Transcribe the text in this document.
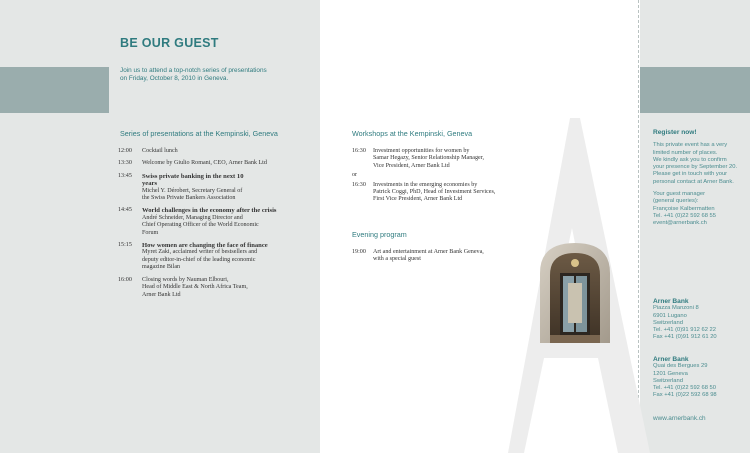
BE OUR GUEST
Join us to attend a top-notch series of presentations
on Friday, October 8, 2010 in Geneva.
Series of presentations at the Kempinski, Geneva
12:00	Cocktail lunch
13:30	Welcome by Giulio Romani, CEO, Arner Bank Ltd
13:45	Swiss private banking in the next 10 years
Michel Y. Dérobert, Secretary General of
the Swiss Private Bankers Association
14:45	World challenges in the economy after the crisis
André Schneider, Managing Director and
Chief Operating Officer of the World Economic
Forum
15:15	How women are changing the face of finance
Myret Zaki, acclaimed writer of bestsellers and
deputy editor-in-chief of the leading economic
magazine Bilan
16:00	Closing words by Nauman Elbouri,
Head of Middle East & North Africa Team,
Arner Bank Ltd
Workshops at the Kempinski, Geneva
16:30	Investment opportunities for women by
Samar Hegazy, Senior Relationship Manager,
Vice President, Arner Bank Ltd
or
16:30	Investments in the emerging economies by
Patrick Coggi, PhD, Head of Investment Services,
First Vice President, Arner Bank Ltd
Evening program
19:00	Art and entertainment at Arner Bank Geneva,
with a special guest
Register now!
This private event has a very
limited number of places.
We kindly ask you to confirm
your presence by September 20.
Please get in touch with your
personal contact at Arner Bank.
Your guest manager
(general queries):
Françoise Kalbermatten
Tel. +41 (0)22 592 68 55
event@arnerbank.ch
Arner Bank
Piazza Manzoni 8
6901 Lugano
Switzerland
Tel. +41 (0)91 912 62 22
Fax +41 (0)91 912 61 20
Arner Bank
Quai des Bergues 29
1201 Geneva
Switzerland
Tel. +41 (0)22 592 68 50
Fax +41 (0)22 592 68 98
www.arnerbank.ch
